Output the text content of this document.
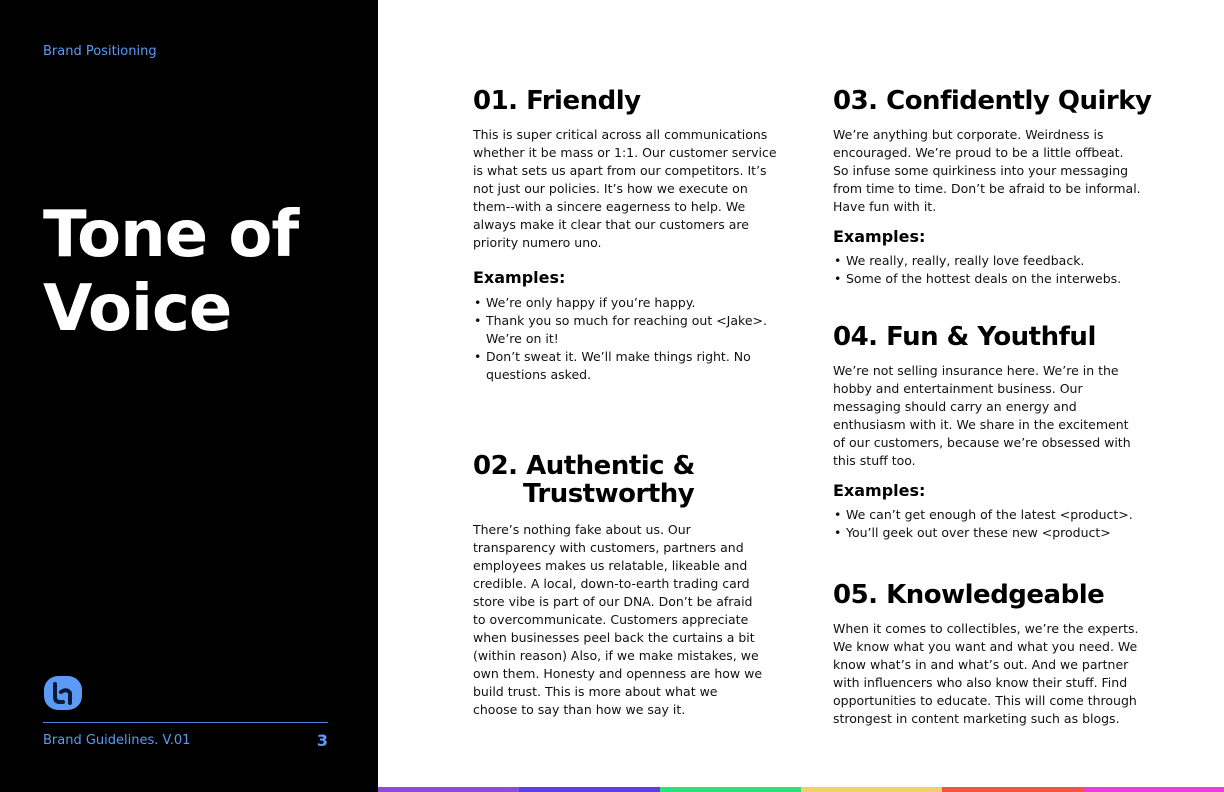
Brand Positioning
Tone of Voice
Brand Guidelines. V.01	3
01. Friendly

This is super critical across all communications whether it be mass or 1:1. Our customer service is what sets us apart from our competitors. It’s not just our policies. It’s how we execute on them--with a sincere eagerness to help. We always make it clear that our customers are priority numero uno.

Examples:
• We’re only happy if you’re happy.
• Thank you so much for reaching out <Jake>. We’re on it!
• Don’t sweat it. We’ll make things right. No questions asked.
02. Authentic &
Trustworthy

There’s nothing fake about us. Our transparency with customers, partners and employees makes us relatable, likeable and credible. A local, down-to-earth trading card store vibe is part of our DNA. Don’t be afraid to overcommunicate. Customers appreciate when businesses peel back the curtains a bit (within reason) Also, if we make mistakes, we own them. Honesty and openness are how we build trust. This is more about what we choose to say than how we say it.

03. Confidently Quirky

We’re anything but corporate. Weirdness is encouraged. We’re proud to be a little offbeat. So infuse some quirkiness into your messaging from time to time. Don’t be afraid to be informal. Have fun with it.

Examples:
• We really, really, really love feedback.
• Some of the hottest deals on the interwebs.
04. Fun & Youthful

We’re not selling insurance here. We’re in the hobby and entertainment business. Our messaging should carry an energy and enthusiasm with it. We share in the excitement of our customers, because we’re obsessed with this stuff too.

Examples:
• We can’t get enough of the latest <product>.
• You’ll geek out over these new <product>
05. Knowledgeable

When it comes to collectibles, we’re the experts. We know what you want and what you need. We know what’s in and what’s out. And we partner with influencers who also know their stuff. Find opportunities to educate. This will come through strongest in content marketing such as blogs.
